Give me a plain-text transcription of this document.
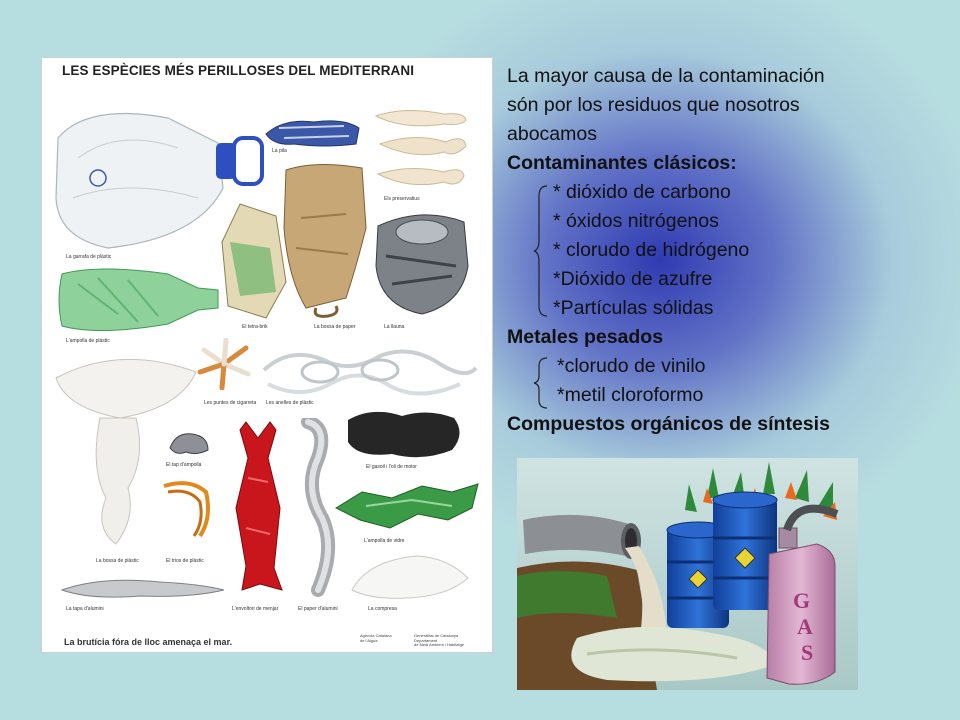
LES ESPÈCIES MÉS PERILLOSES DEL MEDITERRANI
La garrafa de plàstic
La pila
Els preservatius
L'ampolla de plàstic
El tetra-brik	La bossa de paper	La llauna
Les puntes de cigarreta Les anelles de plàstic
La bossa de plàstic
El tap d'ampolla
El trios de plàstic
L'envoltori de menjar	El paper d'alumini
El gasoil i l'oli de motor
L'ampolla de vidre
La tapa d'alumini	La compresa
La brutícia fóra de lloc amenaça el mar.
Agència Catalana
de l'Aigua
Generalitat de Catalunya
Departament
de Medi Ambient i Habitatge
La mayor causa de la contaminación
són por los residuos que nosotros
abocamos
Contaminantes clásicos:
* dióxido de carbono
* óxidos nitrógenos
* clorudo de hidrógeno
*Dióxido de azufre
*Partículas sólidas
Metales pesados
*clorudo de vinilo
*metil cloroformo
Compuestos orgánicos de síntesis
G
A
S
